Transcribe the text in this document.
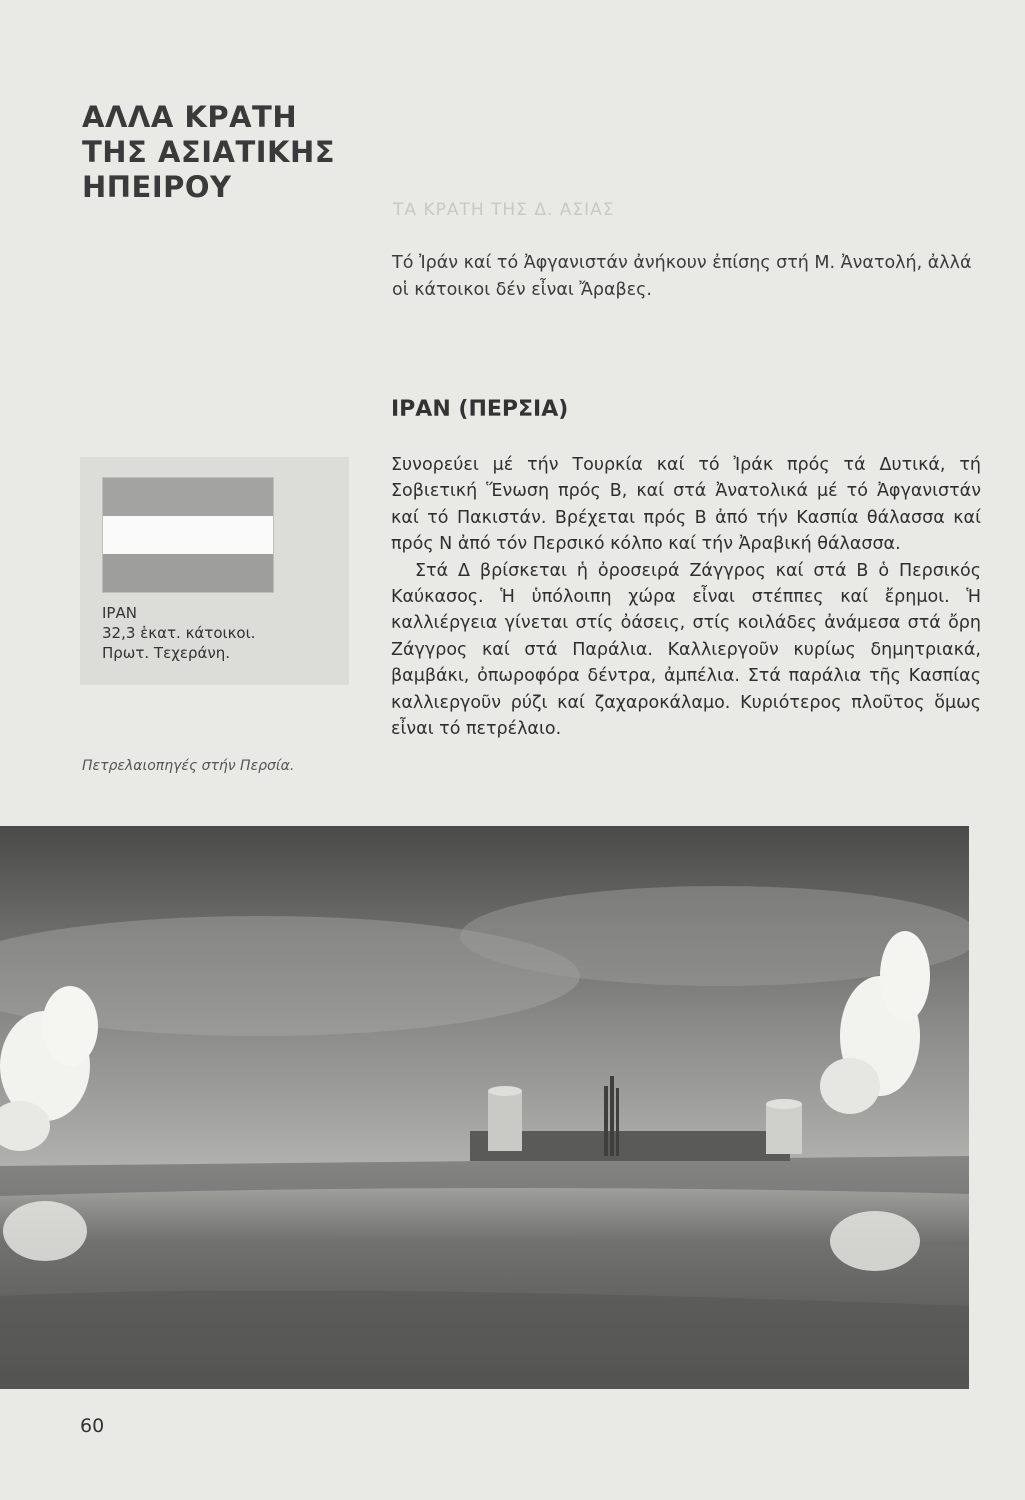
ΑΛΛΑ ΚΡΑΤΗ
ΤΗΣ ΑΣΙΑΤΙΚΗΣ
ΗΠΕΙΡΟΥ
ΤΑ ΚΡΑΤΗ ΤΗΣ Δ. ΑΣΙΑΣ
Τό Ἰράν καί τό Ἀφγανιστάν ἀνήκουν ἐπίσης στή Μ. Ἀνατολή, ἀλλά οἱ κάτοικοι δέν εἶναι Ἄραβες.
ΙΡΑΝ (ΠΕΡΣΙΑ)

Συνορεύει μέ τήν Τουρκία καί τό Ἰράκ πρός τά Δυτικά, τή Σοβιετική Ἕνωση πρός Β, καί στά Ἀνατολικά μέ τό Ἀφγανιστάν καί τό Πακιστάν. Βρέχεται πρός Β ἀπό τήν Κασπία θάλασσα καί πρός Ν ἀπό τόν Περσικό κόλπο καί τήν Ἀραβική θάλασσα.

Στά Δ βρίσκεται ἡ ὀροσειρά Ζάγγρος καί στά Β ὁ Περσικός Καύκασος. Ἡ ὑπόλοιπη χώρα εἶναι στέππες καί ἔρημοι. Ἡ καλλιέργεια γίνεται στίς ὀάσεις, στίς κοιλάδες ἀνάμεσα στά ὄρη Ζάγγρος καί στά Παράλια. Καλλιεργοῦν κυρίως δημητριακά, βαμβάκι, ὀπωροφόρα δέντρα, ἀμπέλια. Στά παράλια τῆς Κασπίας καλλιεργοῦν ρύζι καί ζαχαροκάλαμο. Κυριότερος πλοῦτος ὅμως εἶναι τό πετρέλαιο.

ΙΡΑΝ
32,3 ἑκατ. κάτοικοι.
Πρωτ. Τεχεράνη.
Πετρελαιοπηγές στήν Περσία.
60
